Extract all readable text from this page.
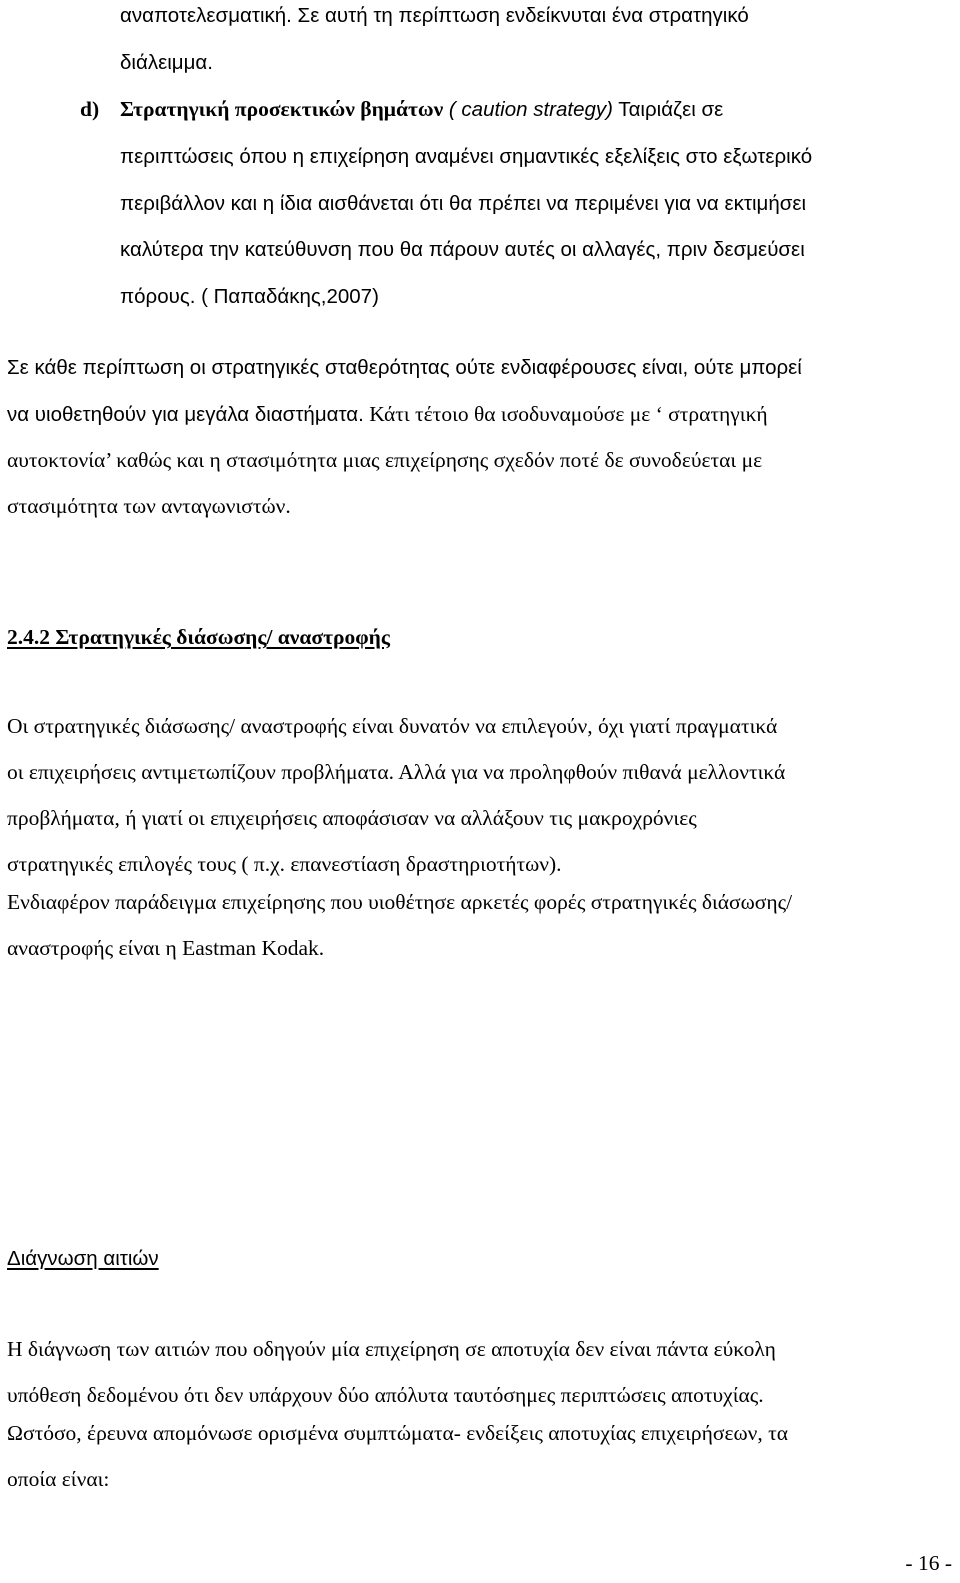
αναποτελεσματική. Σε αυτή τη περίπτωση ενδείκνυται ένα στρατηγικό
διάλειμμα.
d) Στρατηγική προσεκτικών βημάτων ( caution strategy) Ταιριάζει σε
περιπτώσεις όπου η επιχείρηση αναμένει σημαντικές εξελίξεις στο εξωτερικό
περιβάλλον και η ίδια αισθάνεται ότι θα πρέπει να περιμένει για να εκτιμήσει
καλύτερα την κατεύθυνση που θα πάρουν αυτές οι αλλαγές, πριν δεσμεύσει
πόρους. ( Παπαδάκης,2007)
Σε κάθε περίπτωση οι στρατηγικές σταθερότητας ούτε ενδιαφέρουσες είναι, ούτε μπορεί
να υιοθετηθούν για μεγάλα διαστήματα. Κάτι τέτοιο θα ισοδυναμούσε με ‘ στρατηγική
αυτοκτονία’ καθώς και η στασιμότητα μιας επιχείρησης σχεδόν ποτέ δε συνοδεύεται με
στασιμότητα των ανταγωνιστών.
2.4.2 Στρατηγικές διάσωσης/ αναστροφής
Οι στρατηγικές διάσωσης/ αναστροφής είναι δυνατόν να επιλεγούν, όχι γιατί πραγματικά
οι επιχειρήσεις αντιμετωπίζουν προβλήματα. Αλλά για να προληφθούν πιθανά μελλοντικά
προβλήματα, ή γιατί οι επιχειρήσεις αποφάσισαν να αλλάξουν τις μακροχρόνιες
στρατηγικές επιλογές τους ( π.χ. επανεστίαση δραστηριοτήτων).
Ενδιαφέρον παράδειγμα επιχείρησης που υιοθέτησε αρκετές φορές στρατηγικές διάσωσης/
αναστροφής είναι η Eastman Kodak.
Διάγνωση αιτιών
Η διάγνωση των αιτιών που οδηγούν μία επιχείρηση σε αποτυχία δεν είναι πάντα εύκολη
υπόθεση δεδομένου ότι δεν υπάρχουν δύο απόλυτα ταυτόσημες περιπτώσεις αποτυχίας.
Ωστόσο, έρευνα απομόνωσε ορισμένα συμπτώματα- ενδείξεις αποτυχίας επιχειρήσεων, τα
οποία είναι:
- 16 -
